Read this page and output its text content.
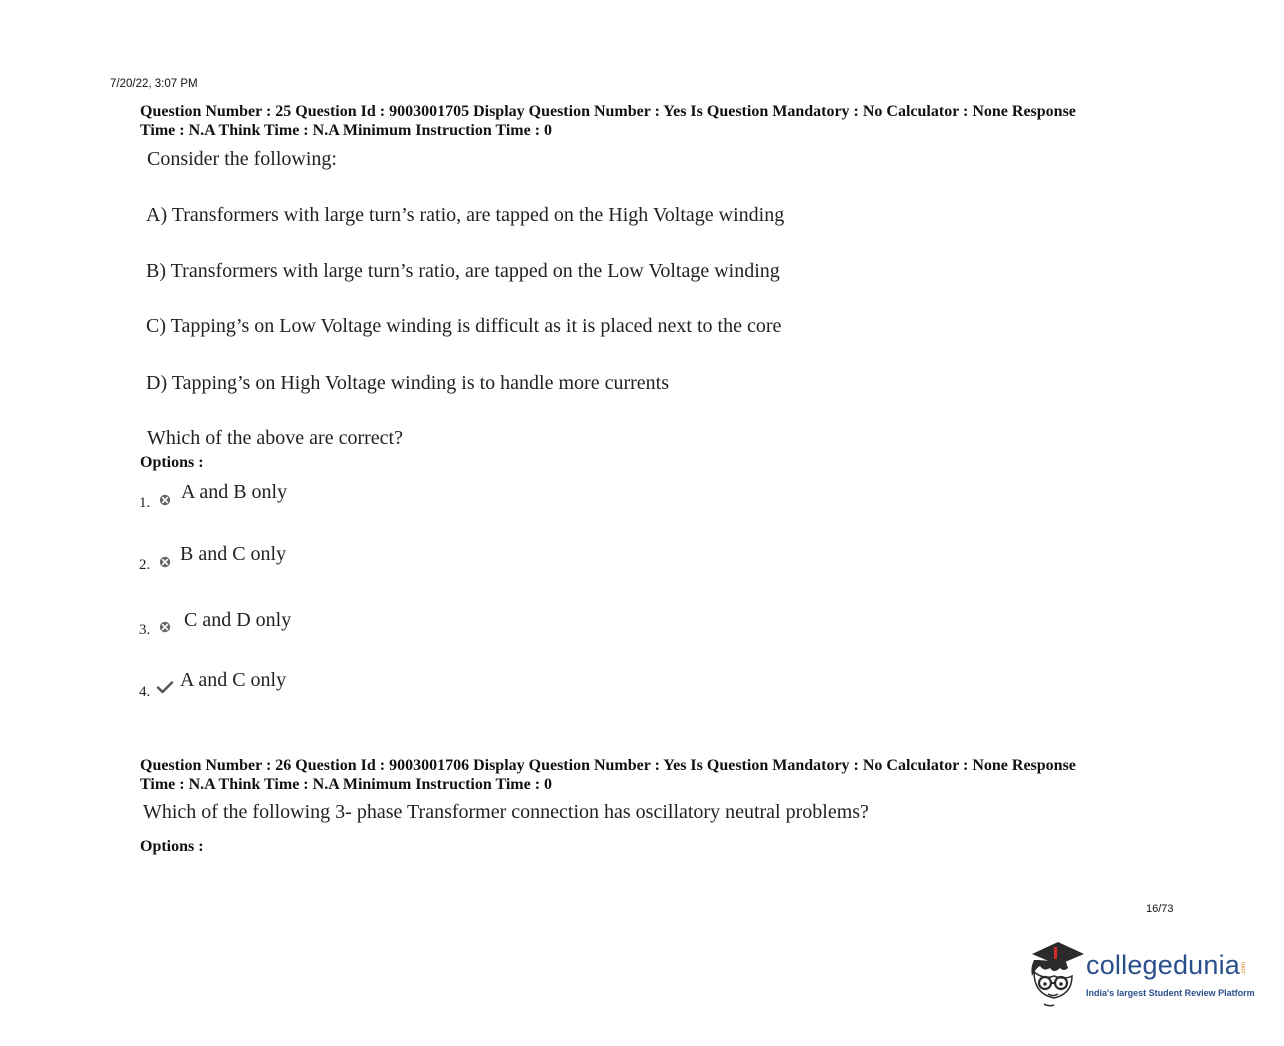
7/20/22, 3:07 PM
Question Number : 25 Question Id : 9003001705 Display Question Number : Yes Is Question Mandatory : No Calculator : None Response
Time : N.A Think Time : N.A Minimum Instruction Time : 0
Consider the following:
A) Transformers with large turn’s ratio, are tapped on the High Voltage winding
B) Transformers with large turn’s ratio, are tapped on the Low Voltage winding
C) Tapping’s on Low Voltage winding is difficult as it is placed next to the core
D) Tapping’s on High Voltage winding is to handle more currents
Which of the above are correct?
Options :
1. A and B only
2. B and C only
3. C and D only
4.
A and C only
Question Number : 26 Question Id : 9003001706 Display Question Number : Yes Is Question Mandatory : No Calculator : None Response
Time : N.A Think Time : N.A Minimum Instruction Time : 0
Which of the following 3- phase Transformer connection has oscillatory neutral problems?
Options :
16/73
collegedunia .com
India's largest Student Review Platform
